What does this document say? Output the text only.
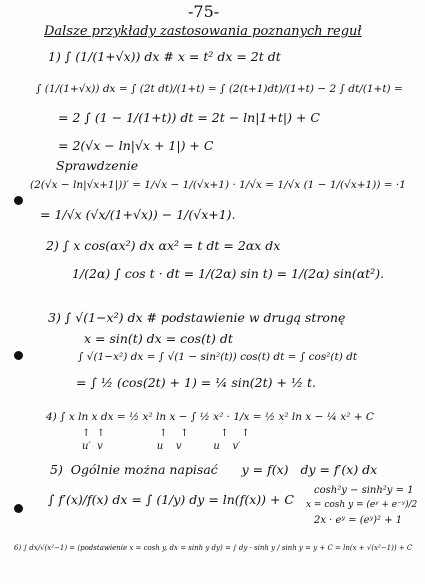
-75-
Dalsze przykłady zastosowania poznanych reguł
1) ∫ (1/(1+√x)) dx # x = t² dx = 2t dt
∫ (1/(1+√x)) dx = ∫ (2t dt)/(1+t) = ∫ (2(t+1)dt)/(1+t) − 2 ∫ dt/(1+t) =
= 2 ∫ (1 − 1/(1+t)) dt = 2t − ln|1+t|) + C
= 2(√x − ln|√x + 1|) + C
Sprawdzenie
(2(√x − ln|√x+1|))′ = 1/√x − 1/(√x+1) · 1/√x = 1/√x (1 − 1/(√x+1)) = ·1
= 1/√x (√x/(1+√x)) − 1/(√x+1).
2) ∫ x cos(αx²) dx αx² = t dt = 2αx dx
1/(2α) ∫ cos t · dt = 1/(2α) sin t) = 1/(2α) sin(αt²).
3) ∫ √(1−x²) dx # podstawienie w drugą stronę
x = sin(t) dx = cos(t) dt
∫ √(1−x²) dx = ∫ √(1 − sin²(t)) cos(t) dt = ∫ cos²(t) dt
= ∫ ½ (cos(2t) + 1) = ¼ sin(2t) + ½ t.
4) ∫ x ln x dx = ½ x² ln x − ∫ ½ x² · 1/x = ½ x² ln x − ¼ x² + C
↑  ↑                 ↑    ↑          ↑    ↑
u′  v                 u    v          u    v′
5)  Ogólnie można napisać      y = f(x)   dy = f′(x) dx
∫ f′(x)/f(x) dx = ∫ (1/y) dy = ln(f(x)) + C
cosh²y − sinh²y = 1
x = cosh y = (eʸ + e⁻ʸ)/2
2x · eʸ = (eʸ)² + 1
6) ∫ dx/√(x²−1) = (podstawienie x = cosh y, dx = sinh y dy) = ∫ dy · sinh y / sinh y = y + C = ln(x + √(x²−1)) + C
